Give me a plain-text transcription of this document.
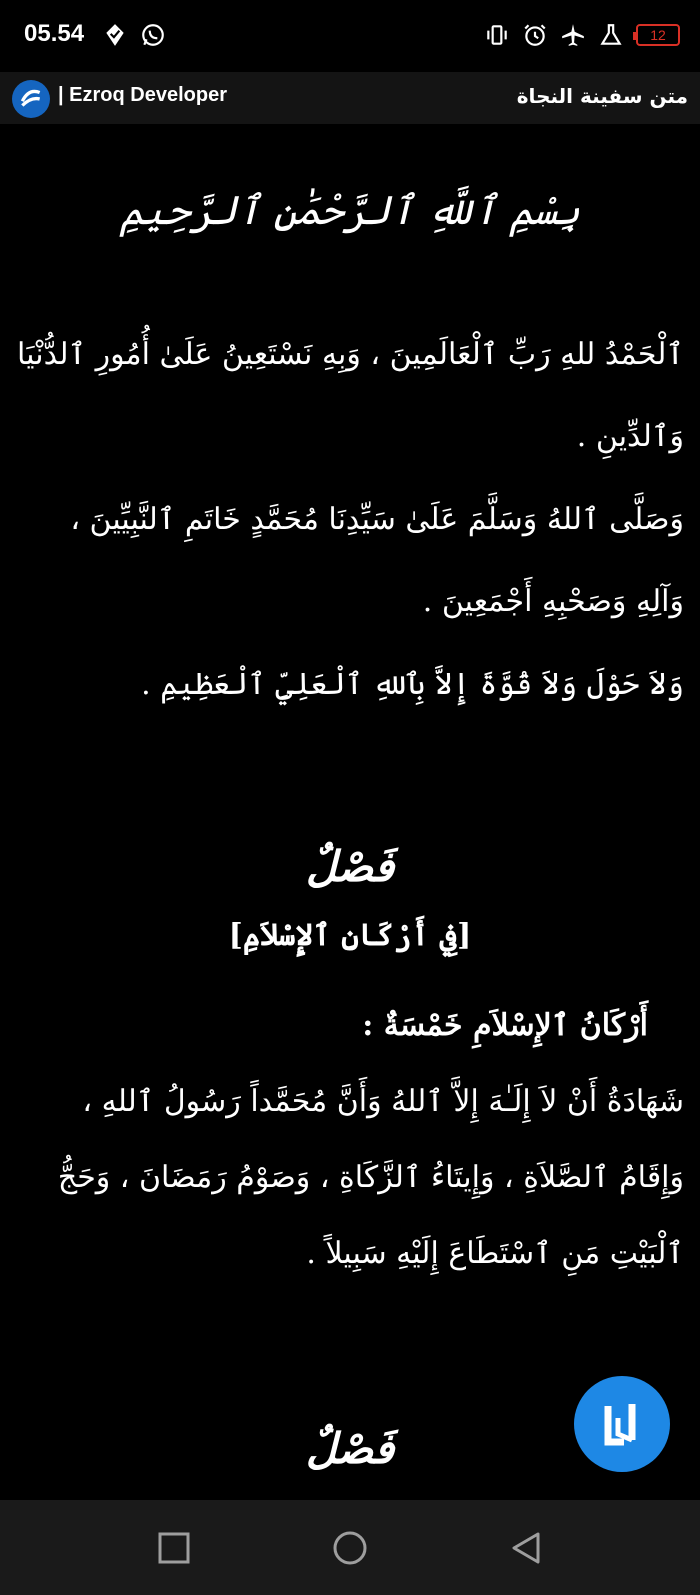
05.54	12
| Ezroq Developer	متن سفينة النجاة
بِسْمِ ٱللَّهِ ٱلرَّحْمَٰنِ ٱلرَّحِيمِ
ٱلْحَمْدُ للهِ رَبِّ ٱلْعَالَمِينَ ، وَبِهِ نَسْتَعِينُ عَلَىٰ أُمُورِ ٱلدُّنْيَا وَٱلدِّينِ .
وَصَلَّى ٱللهُ وَسَلَّمَ عَلَىٰ سَيِّدِنَا مُحَمَّدٍ خَاتَمِ ٱلنَّبِيِّينَ ، وَآلِهِ وَصَحْبِهِ أَجْمَعِينَ .
وَلاَ حَوْلَ وَلاَ قُوَّةَ إِلاَّ بِٱللهِ ٱلْعَلِيِّ ٱلْعَظِيمِ .
فَصْلٌ
[فِي أَرْكَانِ ٱلإِسْلاَمِ]
أَرْكَانُ ٱلإِسْلاَمِ خَمْسَةٌ :
شَهَادَةُ أَنْ لاَ إِلَـٰهَ إِلاَّ ٱللهُ وَأَنَّ مُحَمَّداً رَسُولُ ٱللهِ ، وَإِقَامُ ٱلصَّلاَةِ ، وَإِيتَاءُ ٱلزَّكَاةِ ، وَصَوْمُ رَمَضَانَ ، وَحَجُّ ٱلْبَيْتِ مَنِ ٱسْتَطَاعَ إِلَيْهِ سَبِيلاً .
فَصْلٌ
